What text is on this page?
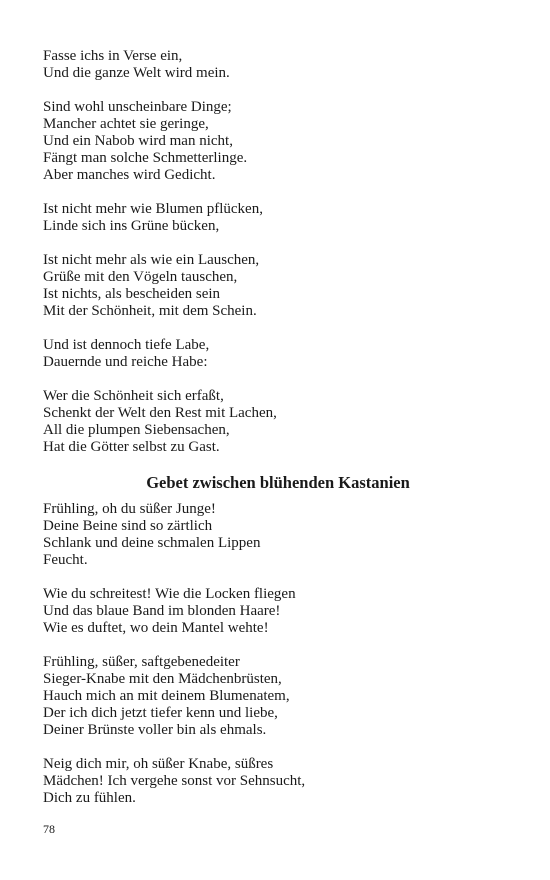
Fasse ichs in Verse ein,
Und die ganze Welt wird mein.
Sind wohl unscheinbare Dinge;
Mancher achtet sie geringe,
Und ein Nabob wird man nicht,
Fängt man solche Schmetterlinge.
Aber manches wird Gedicht.
Ist nicht mehr wie Blumen pflücken,
Linde sich ins Grüne bücken,
Ist nicht mehr als wie ein Lauschen,
Grüße mit den Vögeln tauschen,
Ist nichts, als bescheiden sein
Mit der Schönheit, mit dem Schein.
Und ist dennoch tiefe Labe,
Dauernde und reiche Habe:
Wer die Schönheit sich erfaßt,
Schenkt der Welt den Rest mit Lachen,
All die plumpen Siebensachen,
Hat die Götter selbst zu Gast.
Gebet zwischen blühenden Kastanien
Frühling, oh du süßer Junge!
Deine Beine sind so zärtlich
Schlank und deine schmalen Lippen
Feucht.
Wie du schreitest! Wie die Locken fliegen
Und das blaue Band im blonden Haare!
Wie es duftet, wo dein Mantel wehte!
Frühling, süßer, saftgebenedeiter
Sieger-Knabe mit den Mädchenbrüsten,
Hauch mich an mit deinem Blumenatem,
Der ich dich jetzt tiefer kenn und liebe,
Deiner Brünste voller bin als ehmals.
Neig dich mir, oh süßer Knabe, süßres
Mädchen! Ich vergehe sonst vor Sehnsucht,
Dich zu fühlen.
78
